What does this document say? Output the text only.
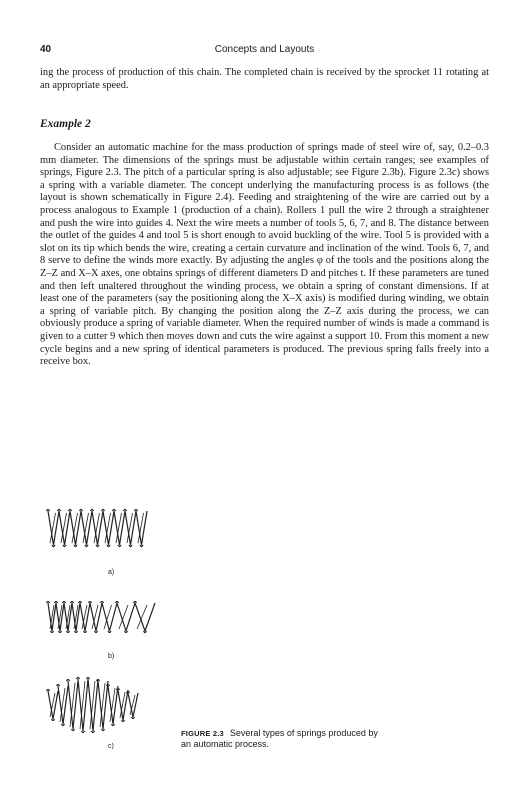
40	Concepts and Layouts

ing the process of production of this chain. The completed chain is received by the sprocket 11 rotating at an appropriate speed.

Example 2

Consider an automatic machine for the mass production of springs made of steel wire of, say, 0.2–0.3 mm diameter. The dimensions of the springs must be adjustable within certain ranges; see examples of springs, Figure 2.3. The pitch of a particular spring is also adjustable; see Figure 2.3b). Figure 2.3c) shows a spring with a variable diameter. The concept underlying the manufacturing process is as follows (the layout is shown schematically in Figure 2.4). Feeding and straightening of the wire are carried out by a process analogous to Example 1 (production of a chain). Rollers 1 pull the wire 2 through a straightener and push the wire into guides 4. Next the wire meets a number of tools 5, 6, 7, and 8. The distance between the outlet of the guides 4 and tool 5 is short enough to avoid buckling of the wire. Tool 5 is provided with a slot on its tip which bends the wire, creating a certain curvature and inclination of the wind. Tools 6, 7, and 8 serve to define the winds more exactly. By adjusting the angles φ of the tools and the positions along the Z–Z and X–X axes, one obtains springs of different diameters D and pitches t. If these parameters are tuned and then left unaltered throughout the winding process, we obtain a spring of constant dimensions. If at least one of the parameters (say the positioning along the X–X axis) is modified during winding, we obtain a spring of variable pitch. By changing the position along the Z–Z axis during the process, we can obviously produce a spring of variable diameter. When the required number of winds is made a command is given to a cutter 9 which then moves down and cuts the wire against a support 10. From this moment a new cycle begins and a new spring of identical parameters is produced. The previous spring falls freely into a receive box.

a)
b)
c)
FIGURE 2.3 Several types of springs produced by an automatic process.
